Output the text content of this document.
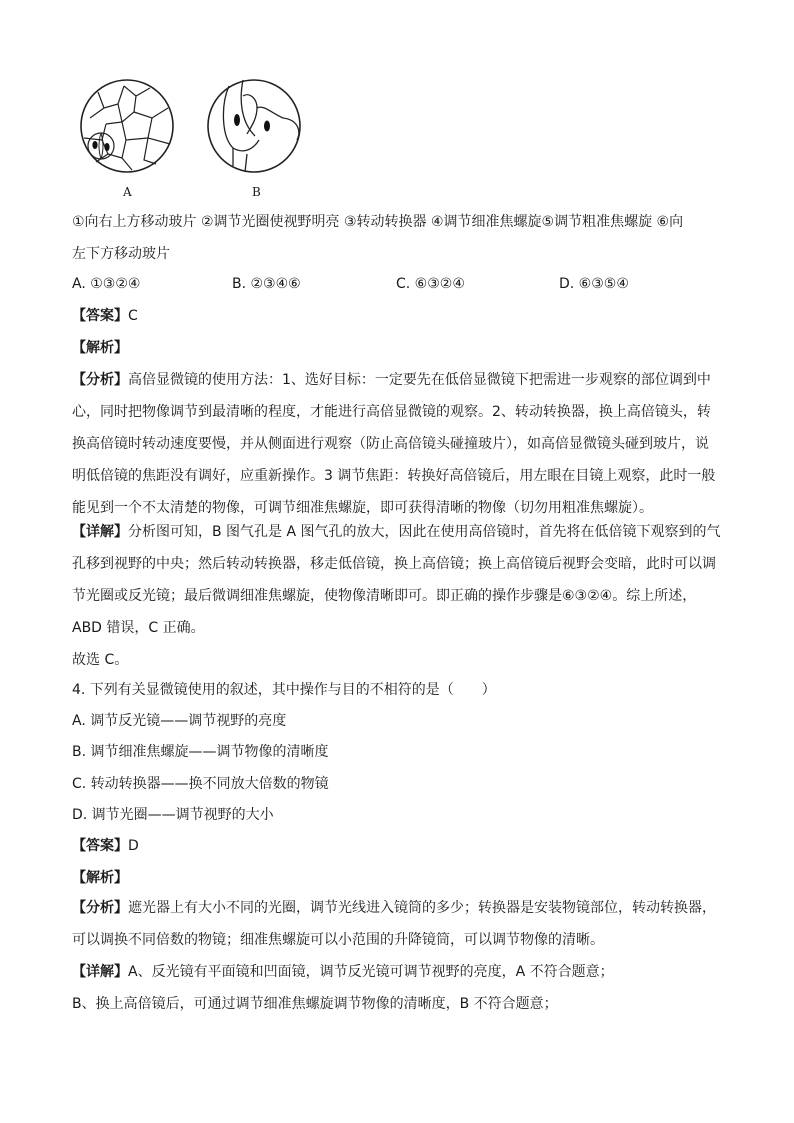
A	B
①向右上方移动玻片 ②调节光圈使视野明亮 ③转动转换器 ④调节细准焦螺旋⑤调节粗准焦螺旋 ⑥向
左下方移动玻片
A. ①③②④	B. ②③④⑥	C. ⑥③②④	D. ⑥③⑤④
【答案】C
【解析】
【分析】高倍显微镜的使用方法：1、选好目标：一定要先在低倍显微镜下把需进一步观察的部位调到中
心，同时把物像调节到最清晰的程度，才能进行高倍显微镜的观察。2、转动转换器，换上高倍镜头，转
换高倍镜时转动速度要慢，并从侧面进行观察（防止高倍镜头碰撞玻片），如高倍显微镜头碰到玻片，说
明低倍镜的焦距没有调好，应重新操作。3 调节焦距：转换好高倍镜后，用左眼在目镜上观察，此时一般
能见到一个不太清楚的物像，可调节细准焦螺旋，即可获得清晰的物像（切勿用粗准焦螺旋）。
【详解】分析图可知，B 图气孔是 A 图气孔的放大，因此在使用高倍镜时，首先将在低倍镜下观察到的气
孔移到视野的中央；然后转动转换器，移走低倍镜，换上高倍镜；换上高倍镜后视野会变暗，此时可以调
节光圈或反光镜；最后微调细准焦螺旋，使物像清晰即可。即正确的操作步骤是⑥③②④。综上所述，
ABD 错误，C 正确。
故选 C。
4. 下列有关显微镜使用的叙述，其中操作与目的不相符的是（　　）
A. 调节反光镜——调节视野的亮度
B. 调节细准焦螺旋——调节物像的清晰度
C. 转动转换器——换不同放大倍数的物镜
D. 调节光圈——调节视野的大小
【答案】D
【解析】
【分析】遮光器上有大小不同的光圈，调节光线进入镜筒的多少；转换器是安装物镜部位，转动转换器，
可以调换不同倍数的物镜；细准焦螺旋可以小范围的升降镜筒，可以调节物像的清晰。
【详解】A、反光镜有平面镜和凹面镜，调节反光镜可调节视野的亮度，A 不符合题意；
B、换上高倍镜后，可通过调节细准焦螺旋调节物像的清晰度，B 不符合题意；
